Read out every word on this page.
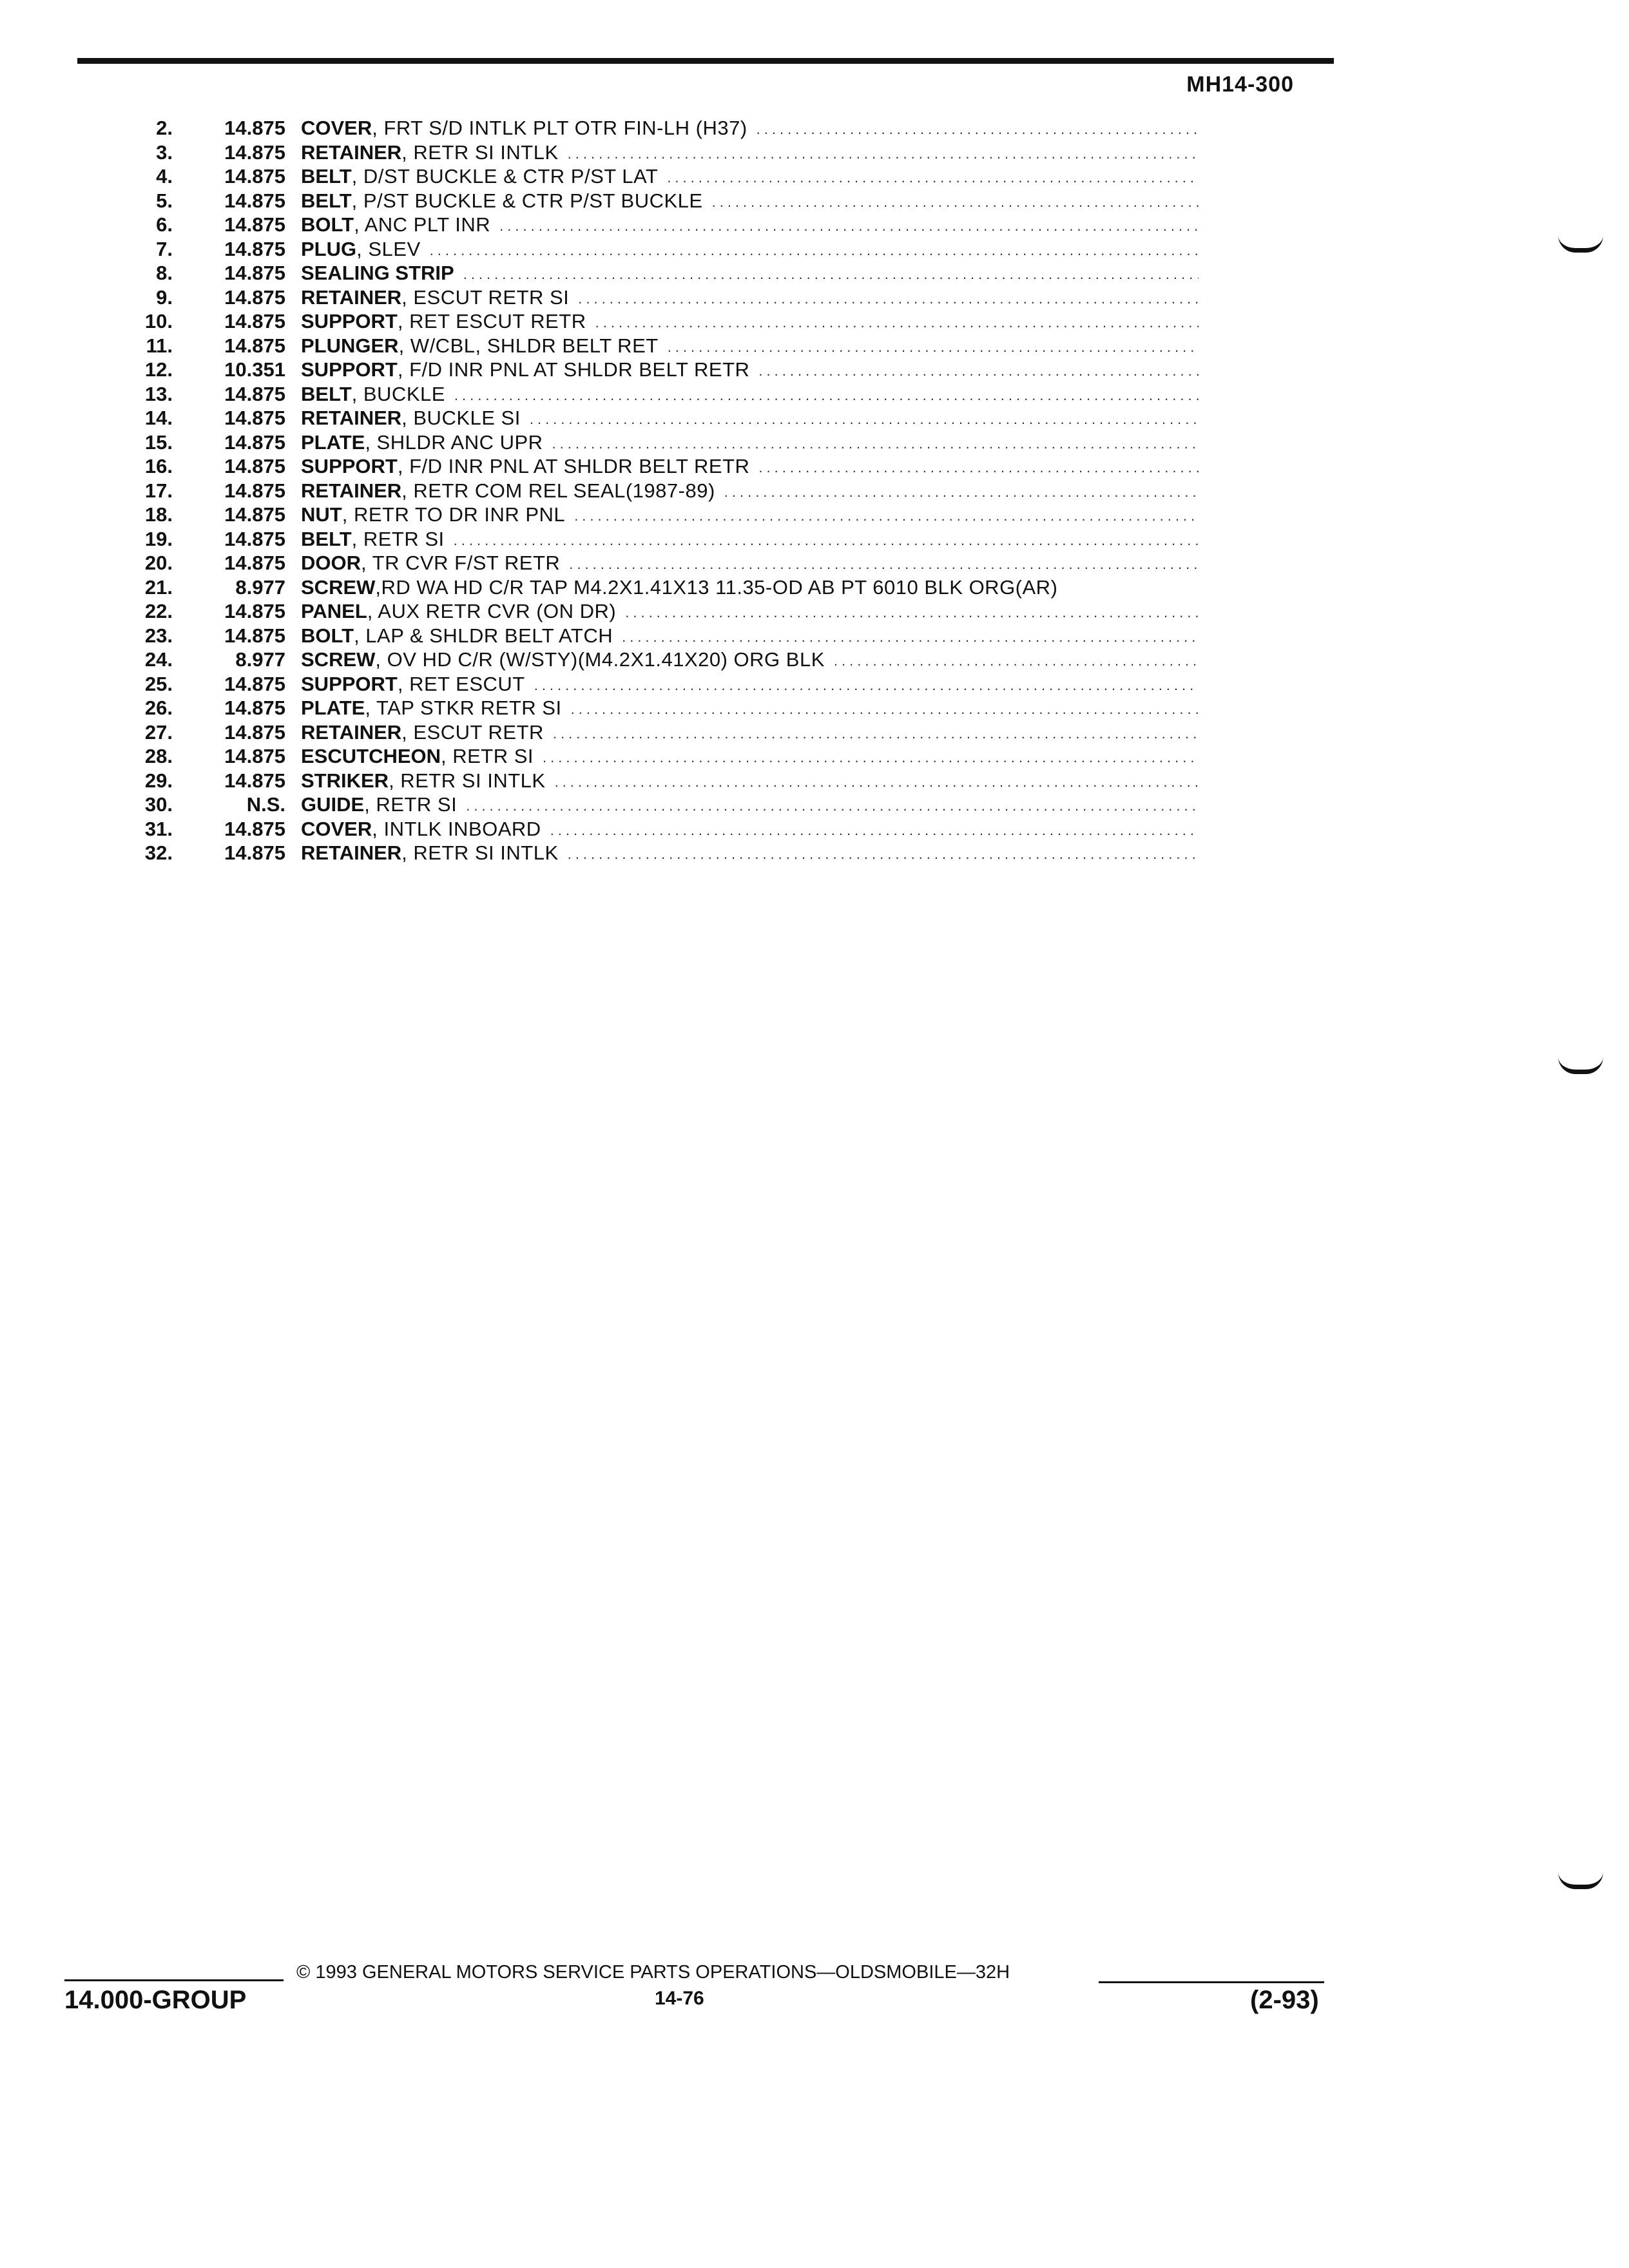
MH14-300
2.	14.875 COVER , FRT S/D INTLK PLT OTR FIN-LH (H37)
.....
3.	14.875 RETAINER , RETR SI INTLK
.....
4.	14.875 BELT , D/ST BUCKLE & CTR P/ST LAT
.....
5.	14.875 BELT , P/ST BUCKLE & CTR P/ST BUCKLE
.....
6.	14.875 BOLT , ANC PLT INR
.....
7.	14.875 PLUG , SLEV
.....
8.	14.875 SEALING STRIP
.....
9.	14.875 RETAINER , ESCUT RETR SI
.....
10.	14.875 SUPPORT , RET ESCUT RETR
.....
11.	14.875 PLUNGER , W/CBL, SHLDR BELT RET
.....
12.	10.351 SUPPORT , F/D INR PNL AT SHLDR BELT RETR
.....
13.	14.875 BELT , BUCKLE
.....
14.	14.875 RETAINER , BUCKLE SI
.....
15.	14.875 PLATE , SHLDR ANC UPR
.....
16.	14.875 SUPPORT , F/D INR PNL AT SHLDR BELT RETR
.....
17.	14.875 RETAINER , RETR COM REL SEAL(1987-89)
.....
18.	14.875 NUT , RETR TO DR INR PNL
.....
19.	14.875 BELT , RETR SI
.....
20.	14.875 DOOR , TR CVR F/ST RETR
.....
21.	8.977 SCREW ,RD WA HD C/R TAP M4.2X1.41X13 11.35-OD AB PT 6010 BLK ORG(AR)
22.	14.875 PANEL , AUX RETR CVR (ON DR)
.....
23.	14.875 BOLT , LAP & SHLDR BELT ATCH
.....
24.	8.977 SCREW , OV HD C/R (W/STY)(M4.2X1.41X20) ORG BLK
.....
25.	14.875 SUPPORT , RET ESCUT
.....
26.	14.875 PLATE , TAP STKR RETR SI
.....
27.	14.875 RETAINER , ESCUT RETR
.....
28.	14.875 ESCUTCHEON , RETR SI
.....
29.	14.875 STRIKER , RETR SI INTLK
.....
30.	N.S. GUIDE , RETR SI
.....
31.	14.875 COVER , INTLK INBOARD
.....
32.	14.875 RETAINER , RETR SI INTLK
.....
14.000-GROUP
© 1993 GENERAL MOTORS SERVICE PARTS OPERATIONS—OLDSMOBILE—32H
14-76	(2-93)
